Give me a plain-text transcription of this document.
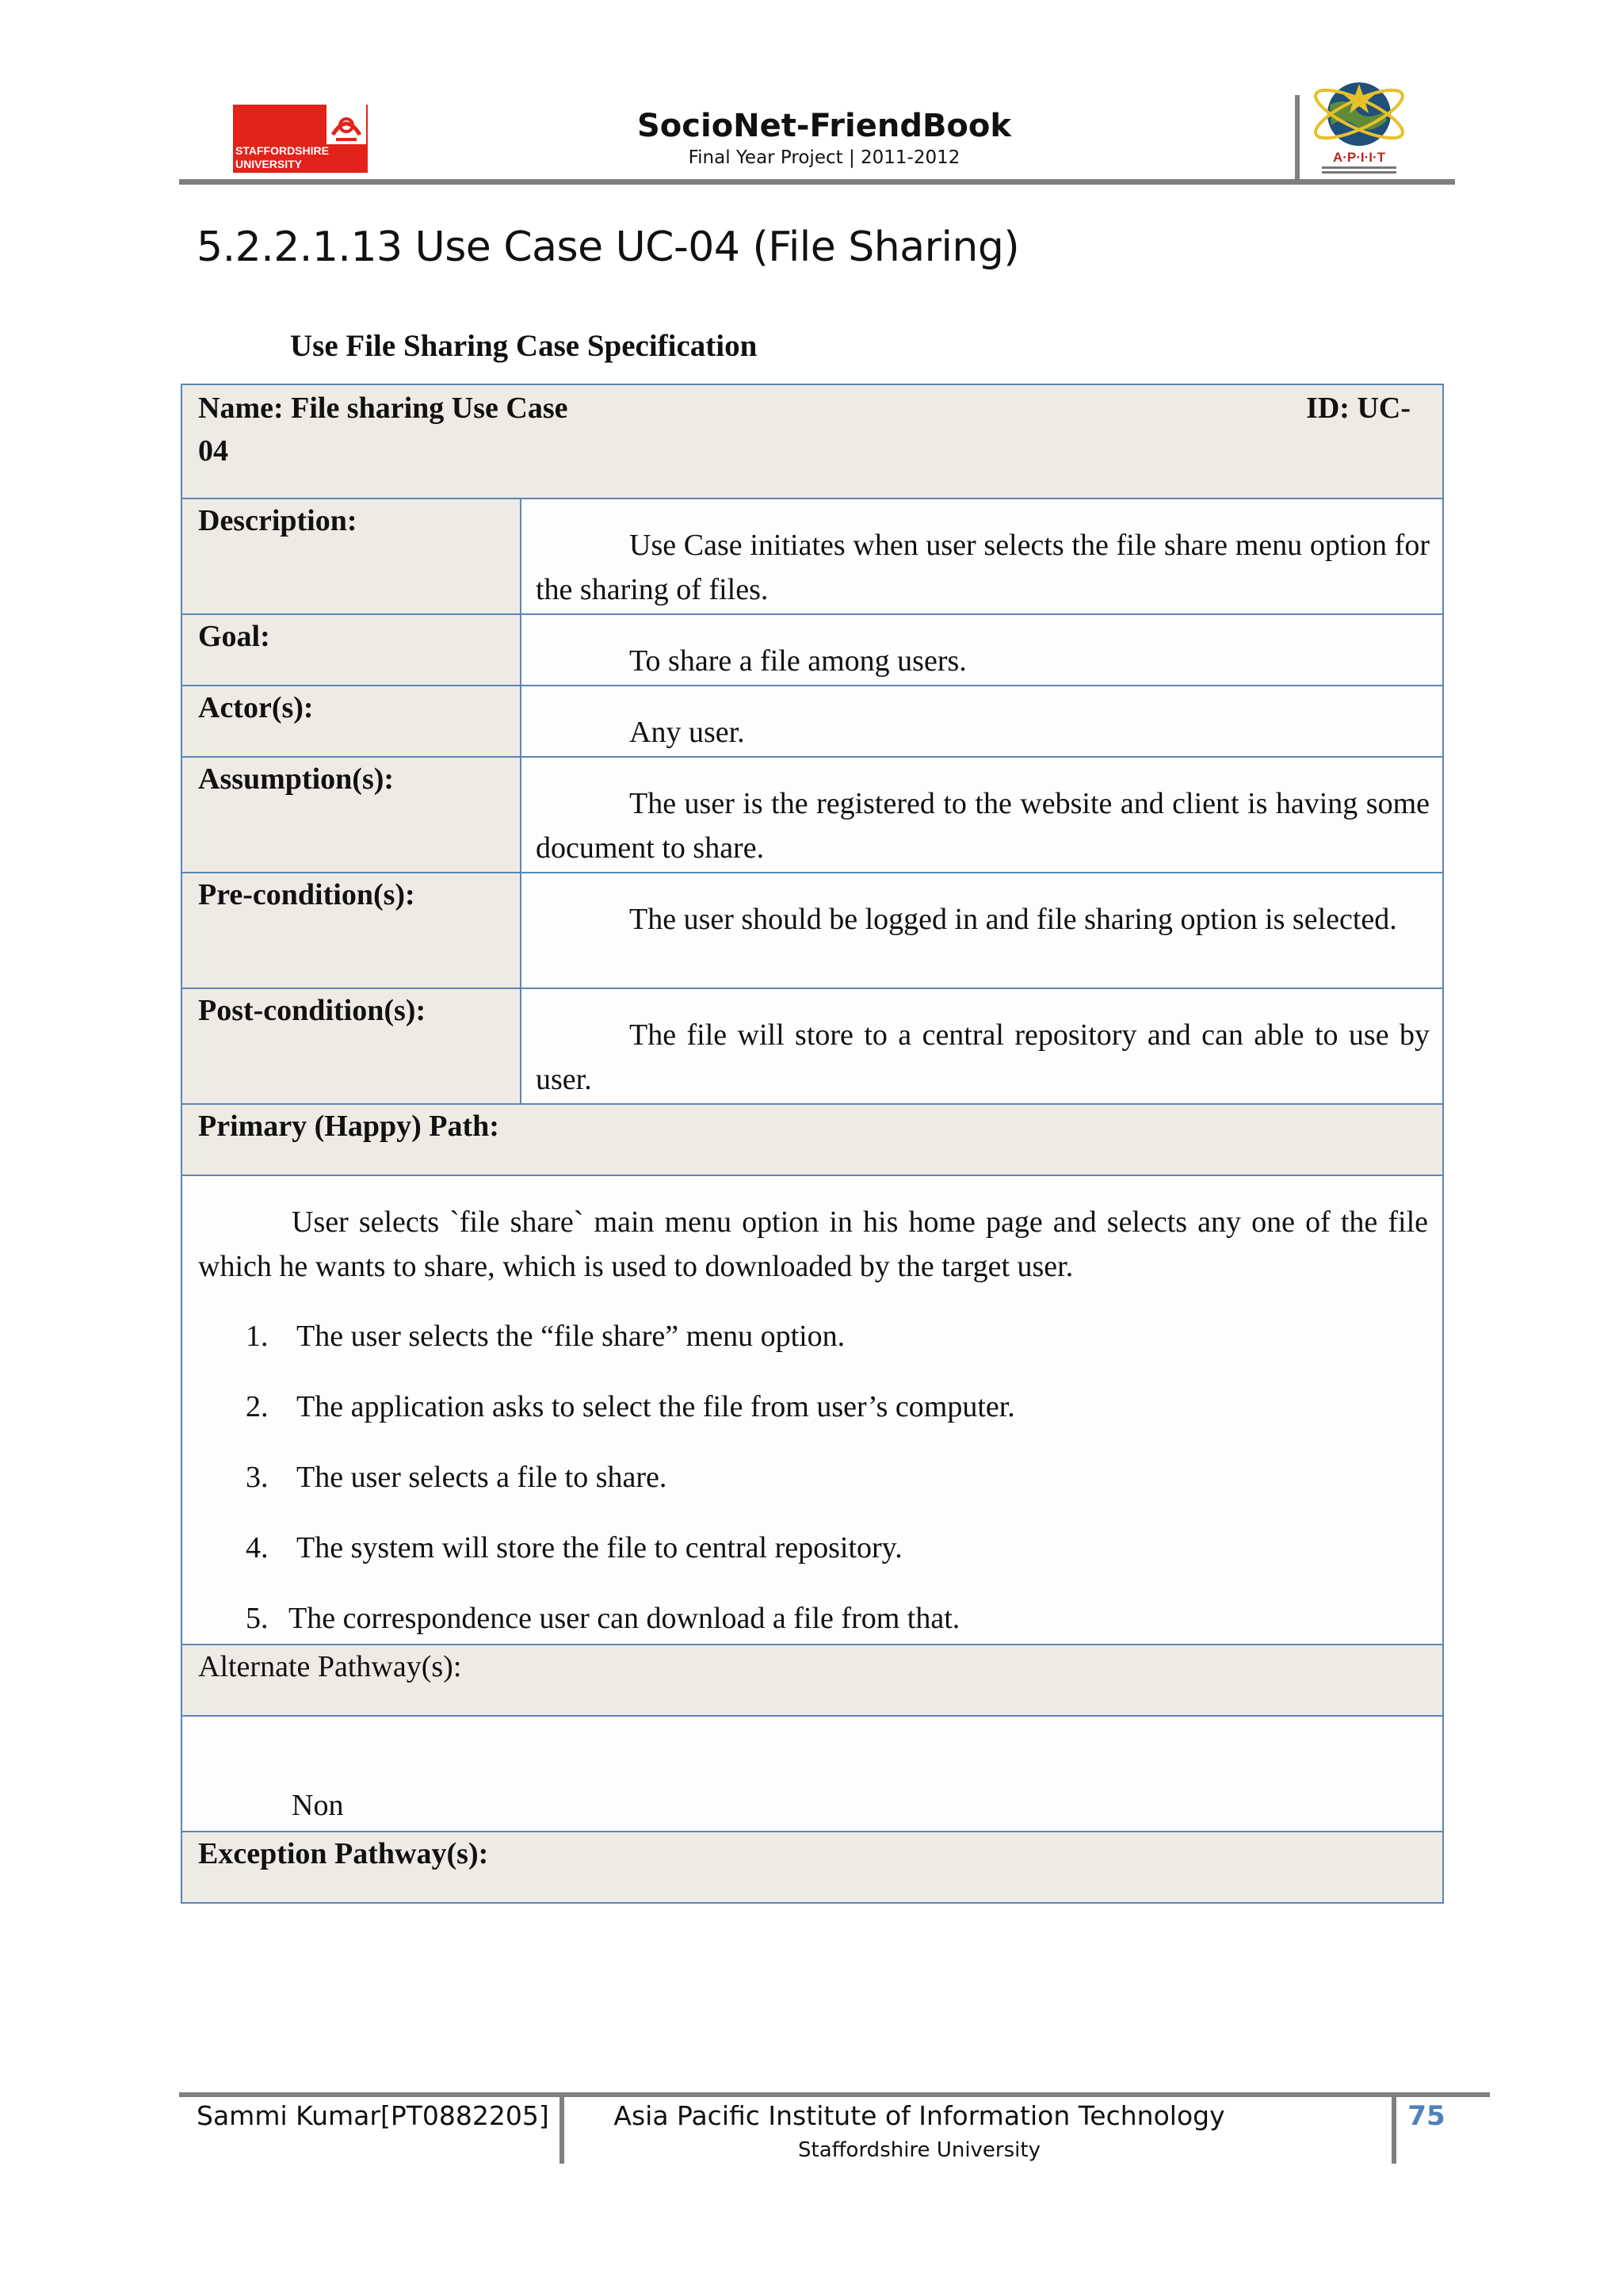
STAFFORDSHIRE UNIVERSITY
SocioNet-FriendBook
Final Year Project | 2011-2012	A·P·I·I·T
5.2.2.1.13 Use Case UC-04 (File Sharing)
Use File Sharing Case Specification
Name: File sharing Use Case	ID: UC-
04
Description:
Use Case initiates when user selects the file share menu option for the sharing of files.
Goal:
To share a file among users.
Actor(s):
Any user.
Assumption(s):
The user is the registered to the website and client is having some document to share.
Pre-condition(s):
The user should be logged in and file sharing option is selected.
Post-condition(s):
The file will store to a central repository and can able to use by user.
Primary (Happy) Path:
User selects `file share` main menu option in his home page and selects any one of the file which he wants to share, which is used to downloaded by the target user.
1. The user selects the “file share” menu option.
2. The application asks to select the file from user’s computer.
3. The user selects a file to share.
4. The system will store the file to central repository.
5. The correspondence user can download a file from that.
Alternate Pathway(s):
Non
Exception Pathway(s):
Sammi Kumar[PT0882205]	Asia Pacific Institute of Information Technology
Staffordshire University
75
